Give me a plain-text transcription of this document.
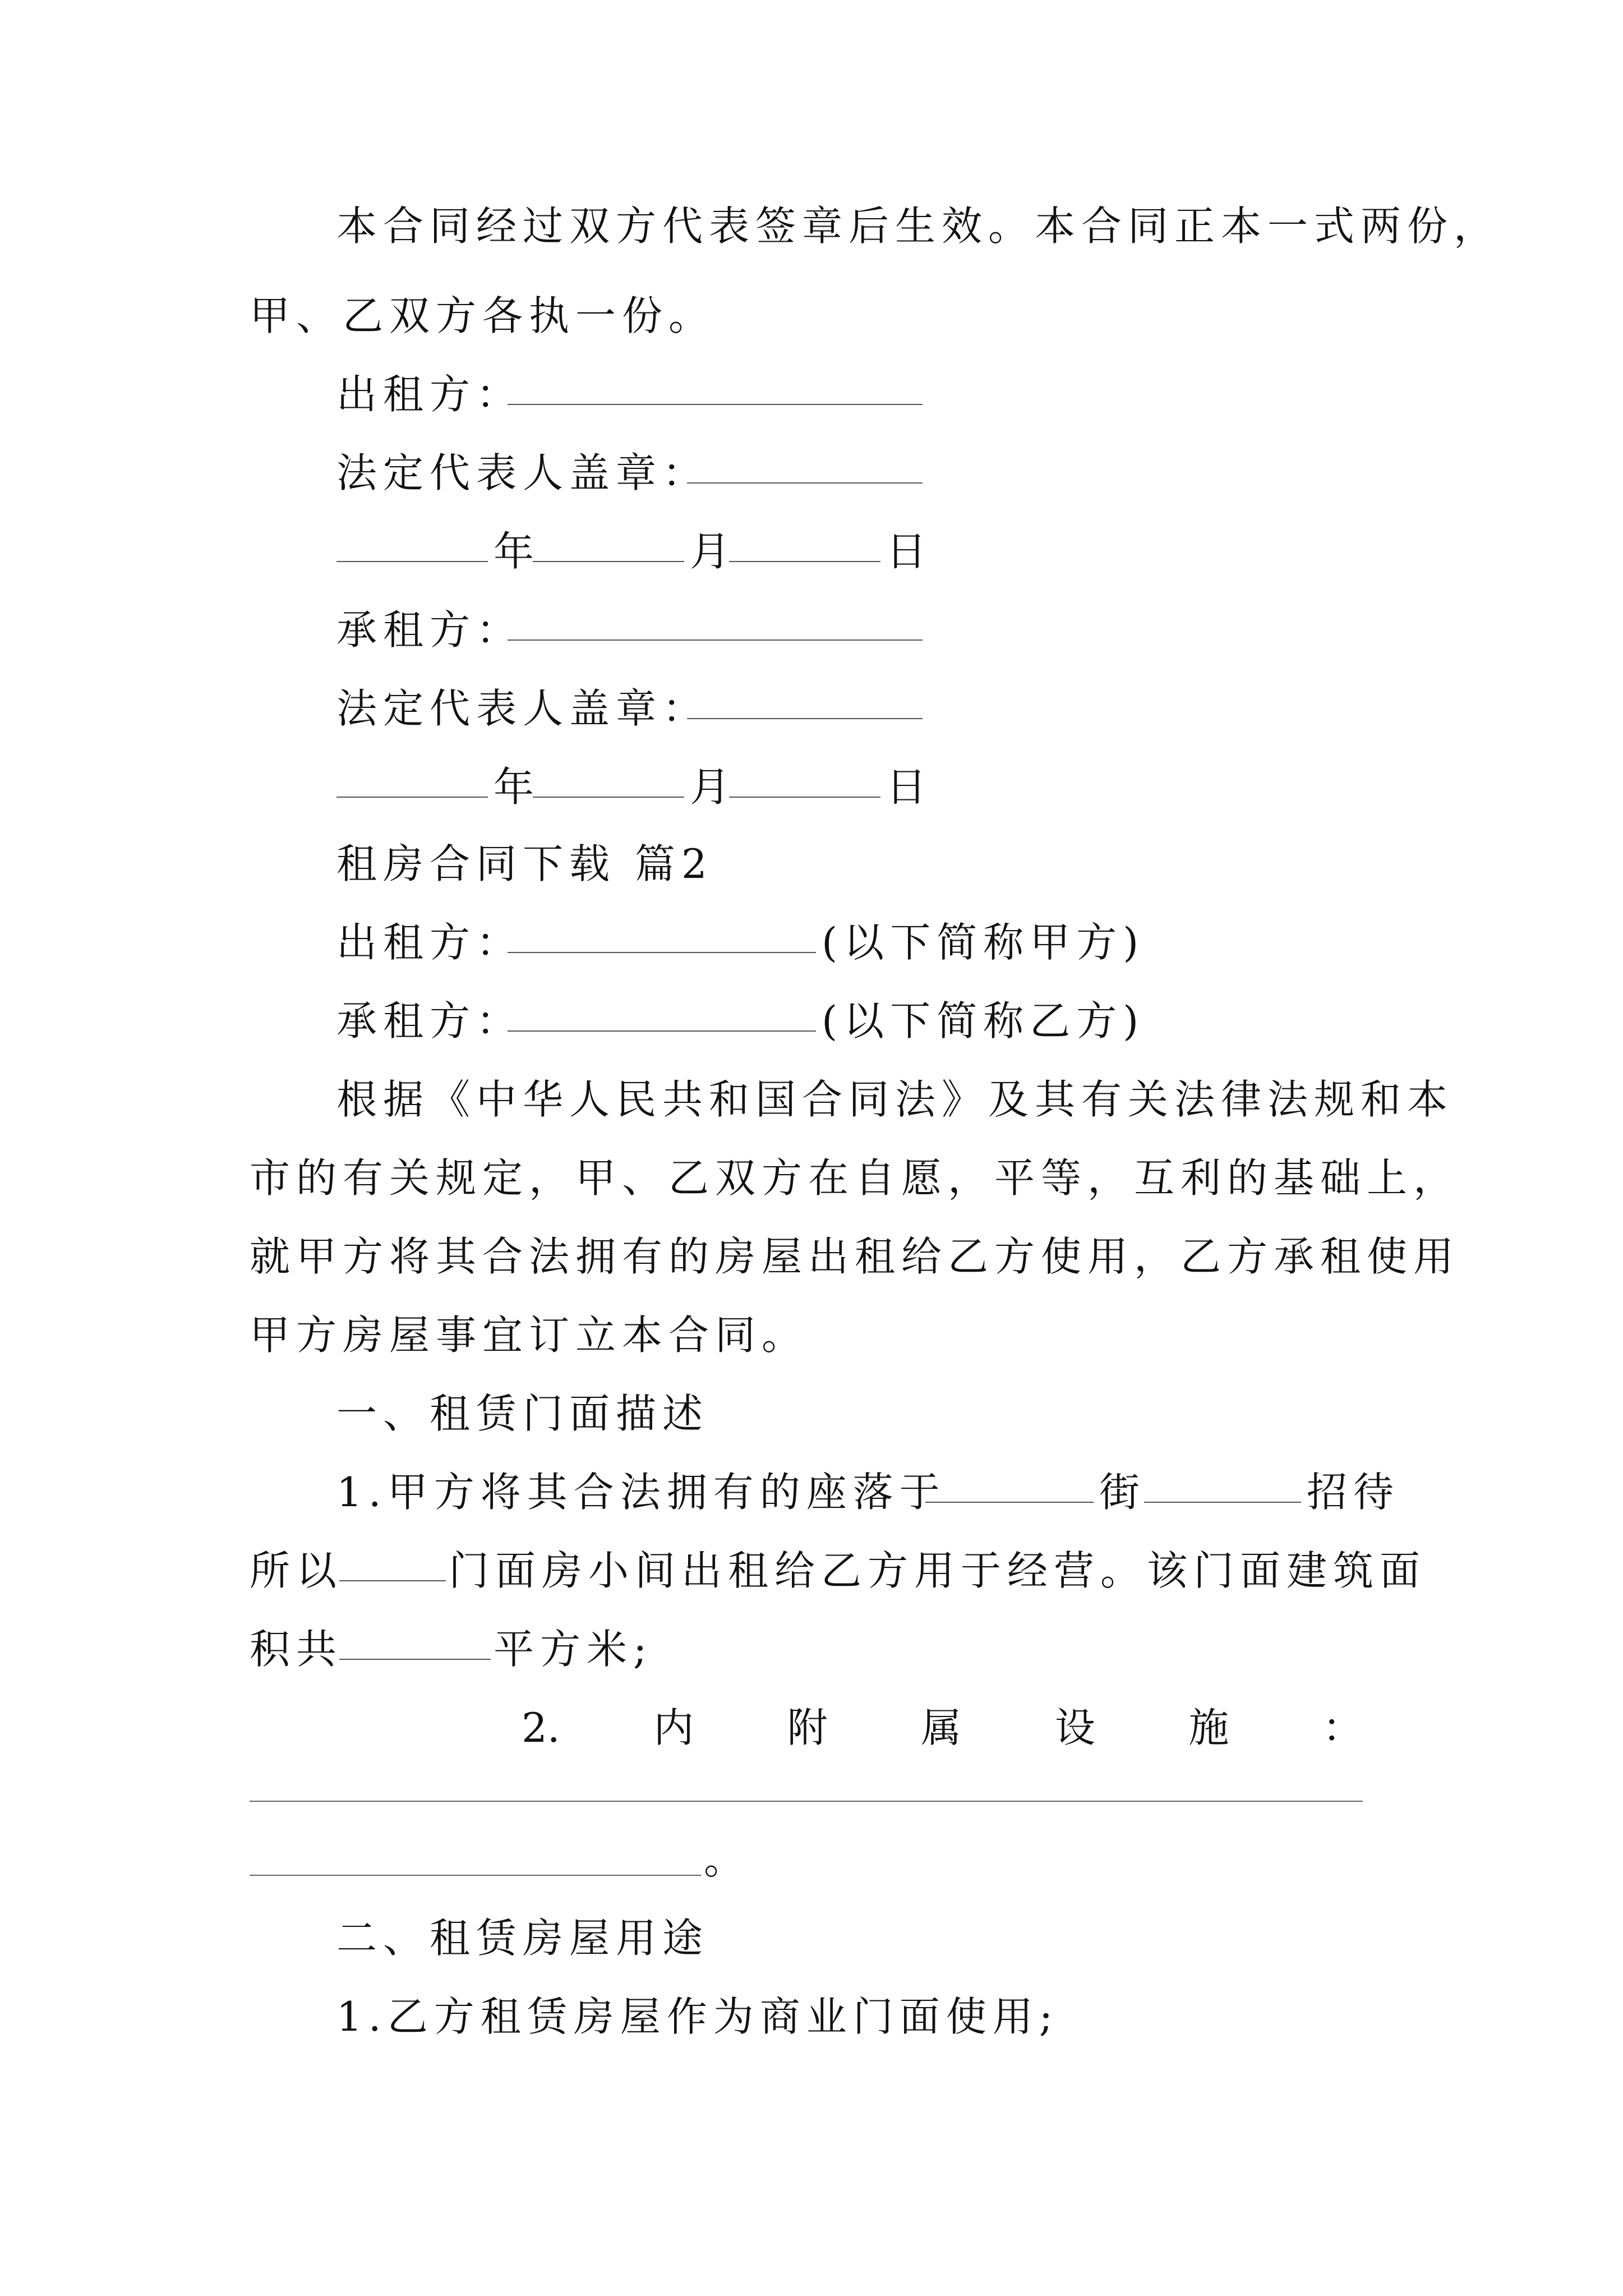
本合同经过双方代表签章后生效。本合同正本一式两份，
甲、乙双方各执一份。
出租方：
法定代表人盖章：
年	月	日
承租方：
法定代表人盖章：
年	月	日
租房合同下载 篇2
出租方：	(以下简称甲方)
承租方：	(以下简称乙方)
根据《中华人民共和国合同法》及其有关法律法规和本
市的有关规定，甲、乙双方在自愿，平等，互利的基础上，
就甲方将其合法拥有的房屋出租给乙方使用，乙方承租使用
甲方房屋事宜订立本合同。
一、租赁门面描述
1.甲方将其合法拥有的座落于	街	招待
所以	门面房小间出租给乙方用于经营。该门面建筑面
积共	平方米;
2. 内 附 属 设 施 ：
。
二、租赁房屋用途
1.乙方租赁房屋作为商业门面使用;
